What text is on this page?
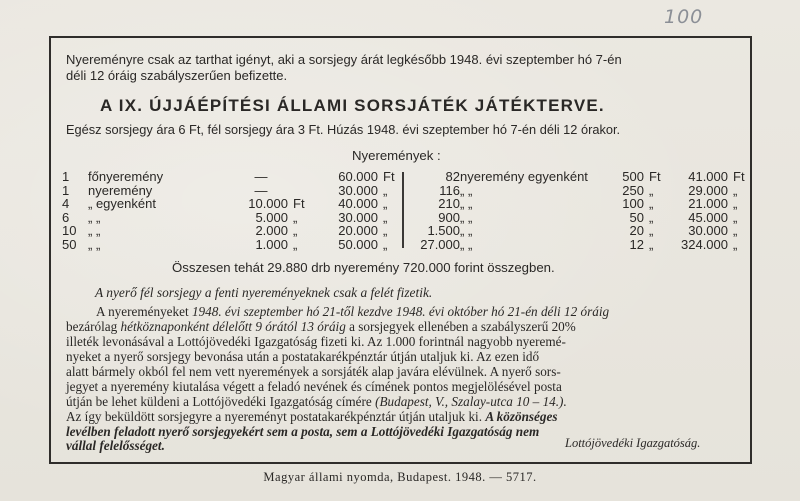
100
Nyereményre csak az tarthat igényt, aki a sorsjegy árát legkésőbb 1948. évi szeptember hó 7-én
déli 12 óráig szabályszerűen befizette.
A IX. ÚJJÁÉPÍTÉSI ÁLLAMI SORSJÁTÉK JÁTÉKTERVE.
Egész sorsjegy ára 6 Ft, fél sorsjegy ára 3 Ft. Húzás 1948. évi szeptember hó 7-én déli 12 órakor.
Nyeremények :
1	főnyeremény	—		60.000	Ft
1	nyeremény	—		30.000	„
4	„ egyenként	10.000	Ft	40.000	„
6	„ „	5.000	„	30.000	„
10	„ „	2.000	„	20.000	„
50	„ „	1.000	„	50.000	„
82	nyeremény egyenként	500	Ft	41.000	Ft
116	„ „	250	„	29.000	„
210	„ „	100	„	21.000	„
900	„ „	50	„	45.000	„
1.500	„ „	20	„	30.000	„
27.000	„ „	12	„	324.000	„
Összesen tehát 29.880 drb nyeremény 720.000 forint összegben.
A nyerő fél sorsjegy a fenti nyereményeknek csak a felét fizetik.
A nyereményeket 1948. évi szeptember hó 21-től kezdve 1948. évi október hó 21-én déli 12 óráig
bezárólag hétköznaponként délelőtt 9 órától 13 óráig a sorsjegyek ellenében a szabályszerű 20%
illeték levonásával a Lottójövedéki Igazgatóság fizeti ki. Az 1.000 forintnál nagyobb nyeremé-
nyeket a nyerő sorsjegy bevonása után a postatakarékpénztár útján utaljuk ki. Az ezen idő
alatt bármely okból fel nem vett nyeremények a sorsjáték alap javára elévülnek. A nyerő sors-
jegyet a nyeremény kiutalása végett a feladó nevének és címének pontos megjelölésével posta
útján be lehet küldeni a Lottójövedéki Igazgatóság címére (Budapest, V., Szalay-utca 10 – 14.).
Az így beküldött sorsjegyre a nyereményt postatakarékpénztár útján utaljuk ki. A közönséges
levélben feladott nyerő sorsjegyekért sem a posta, sem a Lottójövedéki Igazgatóság nem
vállal felelősséget.	Lottójövedéki Igazgatóság.
Magyar állami nyomda, Budapest. 1948. — 5717.
